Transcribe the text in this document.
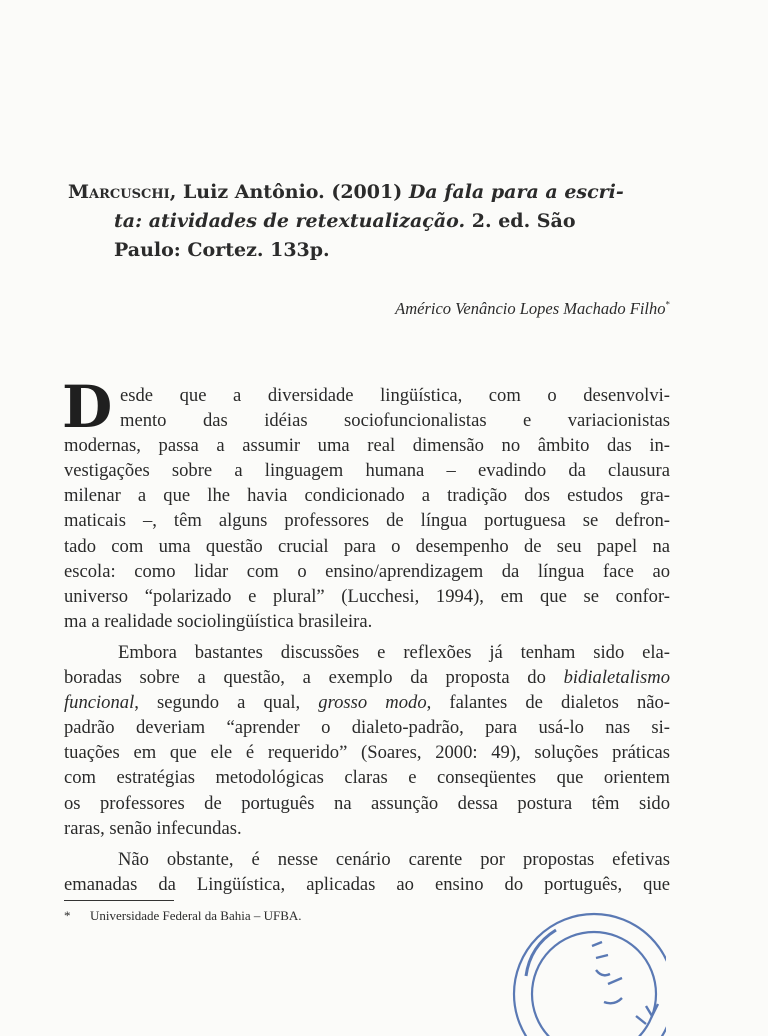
Marcuschi, Luiz Antônio. (2001) Da fala para a escri-
ta: atividades de retextualização. 2. ed. São
Paulo: Cortez. 133p.
Américo Venâncio Lopes Machado Filho*
D esde que a diversidade lingüística, com o desenvolvi-
mento das idéias sociofuncionalistas e variacionistas
modernas, passa a assumir uma real dimensão no âmbito das in-
vestigações sobre a linguagem humana – evadindo da clausura
milenar a que lhe havia condicionado a tradição dos estudos gra-
maticais –, têm alguns professores de língua portuguesa se defron-
tado com uma questão crucial para o desempenho de seu papel na
escola: como lidar com o ensino/aprendizagem da língua face ao
universo “polarizado e plural” (Lucchesi, 1994), em que se confor-
ma a realidade sociolingüística brasileira.
Embora bastantes discussões e reflexões já tenham sido ela-
boradas sobre a questão, a exemplo da proposta do bidialetalismo
funcional, segundo a qual, grosso modo, falantes de dialetos não-
padrão deveriam “aprender o dialeto-padrão, para usá-lo nas si-
tuações em que ele é requerido” (Soares, 2000: 49), soluções práticas
com estratégias metodológicas claras e conseqüentes que orientem
os professores de português na assunção dessa postura têm sido
raras, senão infecundas.
Não obstante, é nesse cenário carente por propostas efetivas
emanadas da Lingüística, aplicadas ao ensino do português, que
* Universidade Federal da Bahia – UFBA.
